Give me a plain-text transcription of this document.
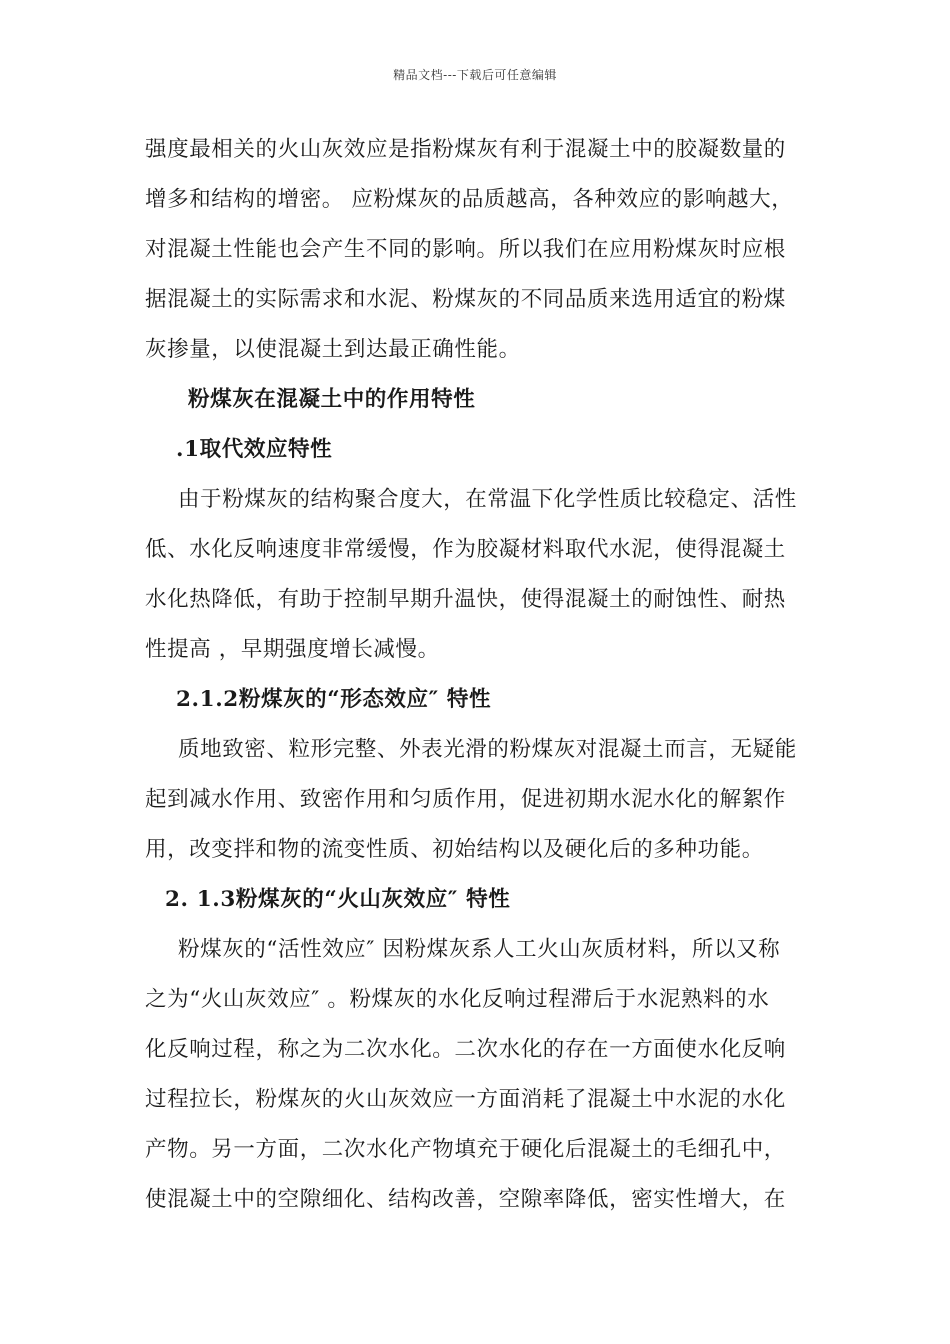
精品文档---下载后可任意编辑
强度最相关的火山灰效应是指粉煤灰有利于混凝土中的胶凝数量的
增多和结构的增密。 应粉煤灰的品质越高，各种效应的影响越大，
对混凝土性能也会产生不同的影响。所以我们在应用粉煤灰时应根
据混凝土的实际需求和水泥、粉煤灰的不同品质来选用适宜的粉煤
灰掺量，以使混凝土到达最正确性能。
粉煤灰在混凝土中的作用特性
.1取代效应特性
由于粉煤灰的结构聚合度大，在常温下化学性质比较稳定、活性
低、水化反响速度非常缓慢，作为胶凝材料取代水泥，使得混凝土
水化热降低，有助于控制早期升温快，使得混凝土的耐蚀性、耐热
性提高 ，早期强度增长减慢。
2.1.2粉煤灰的“形态效应″ 特性
质地致密、粒形完整、外表光滑的粉煤灰对混凝土而言，无疑能
起到减水作用、致密作用和匀质作用，促进初期水泥水化的解絮作
用，改变拌和物的流变性质、初始结构以及硬化后的多种功能。
2. 1.3粉煤灰的“火山灰效应″ 特性
粉煤灰的“活性效应″ 因粉煤灰系人工火山灰质材料，所以又称
之为“火山灰效应″ 。粉煤灰的水化反响过程滞后于水泥熟料的水
化反响过程，称之为二次水化。二次水化的存在一方面使水化反响
过程拉长，粉煤灰的火山灰效应一方面消耗了混凝土中水泥的水化
产物。另一方面，二次水化产物填充于硬化后混凝土的毛细孔中，
使混凝土中的空隙细化、结构改善，空隙率降低，密实性增大，在
